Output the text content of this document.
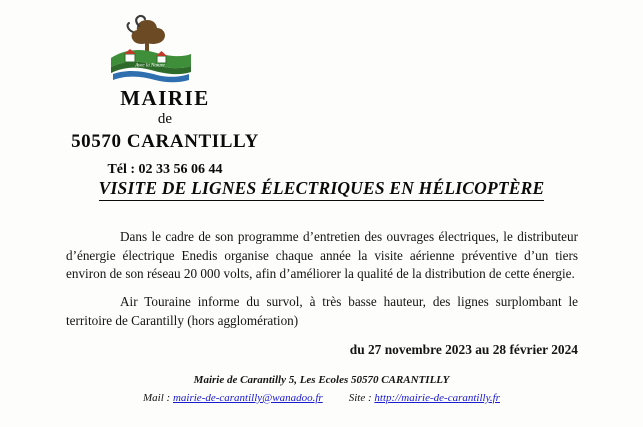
Avec la Nature
MAIRIE
de
50570 CARANTILLY
Tél : 02 33 56 06 44
VISITE DE LIGNES ÉLECTRIQUES EN HÉLICOPTÈRE

Dans le cadre de son programme d’entretien des ouvrages électriques, le distributeur d’énergie électrique Enedis organise chaque année la visite aérienne préventive d’un tiers environ de son réseau 20 000 volts, afin d’améliorer la qualité de la distribution de cette énergie.

Air Touraine informe du survol, à très basse hauteur, des lignes surplombant le territoire de Carantilly (hors agglomération)

du 27 novembre 2023 au 28 février 2024
Mairie de Carantilly 5, Les Ecoles 50570 CARANTILLY
Mail : mairie-de-carantilly@wanadoo.fr Site : http://mairie-de-carantilly.fr
